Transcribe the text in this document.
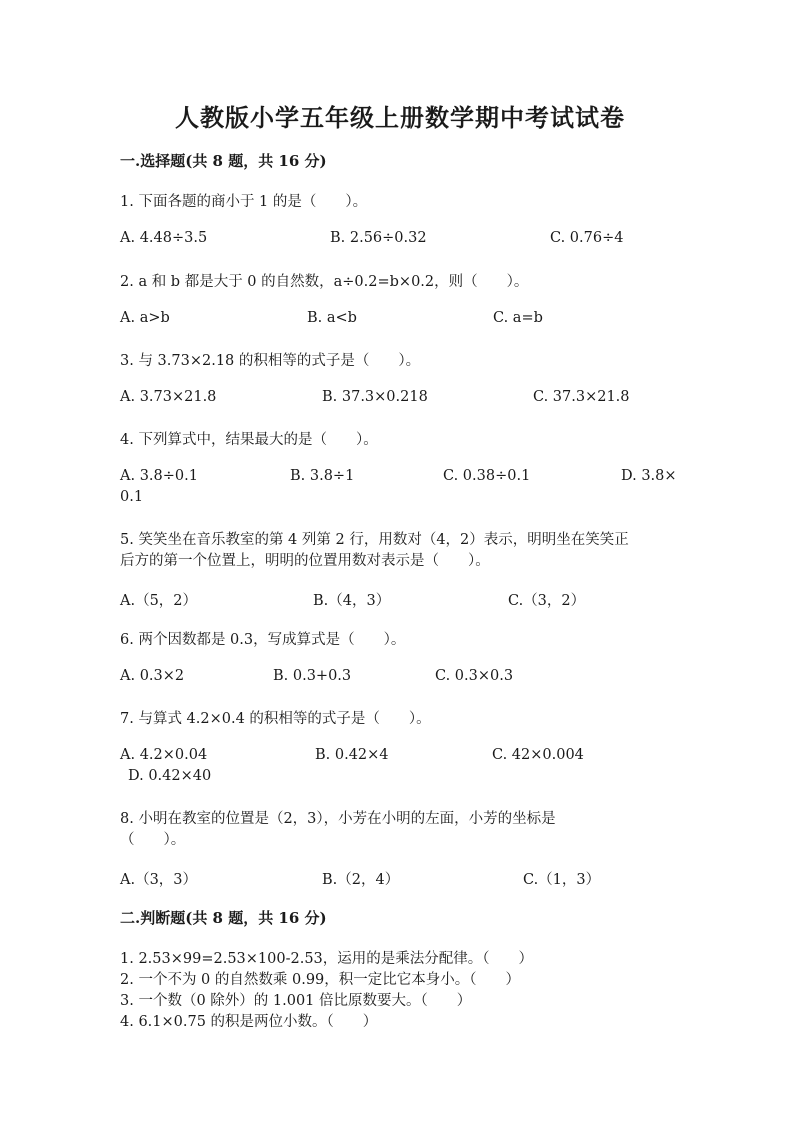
人教版小学五年级上册数学期中考试试卷
一.选择题(共 8 题，共 16 分)
1. 下面各题的商小于 1 的是（　　）。
A. 4.48÷3.5	B. 2.56÷0.32	C. 0.76÷4
2. a 和 b 都是大于 0 的自然数，a÷0.2=b×0.2，则（　　）。
A. a>b	B. a<b	C. a=b
3. 与 3.73×2.18 的积相等的式子是（　　）。
A. 3.73×21.8	B. 37.3×0.218	C. 37.3×21.8
4. 下列算式中，结果最大的是（　　）。
A. 3.8÷0.1	B. 3.8÷1	C. 0.38÷0.1	D. 3.8×
0.1
5. 笑笑坐在音乐教室的第 4 列第 2 行，用数对（4，2）表示，明明坐在笑笑正
后方的第一个位置上，明明的位置用数对表示是（　　）。
A.（5，2）	B.（4，3）	C.（3，2）
6. 两个因数都是 0.3，写成算式是（　　）。
A. 0.3×2	B. 0.3+0.3	C. 0.3×0.3
7. 与算式 4.2×0.4 的积相等的式子是（　　）。
A. 4.2×0.04	B. 0.42×4	C. 42×0.004
D. 0.42×40
8. 小明在教室的位置是（2，3），小芳在小明的左面，小芳的坐标是
（　　）。
A.（3，3）	B.（2，4）	C.（1，3）
二.判断题(共 8 题，共 16 分)
1. 2.53×99=2.53×100-2.53，运用的是乘法分配律。（　　）
2. 一个不为 0 的自然数乘 0.99，积一定比它本身小。（　　）
3. 一个数（0 除外）的 1.001 倍比原数要大。（　　）
4. 6.1×0.75 的积是两位小数。（　　）
